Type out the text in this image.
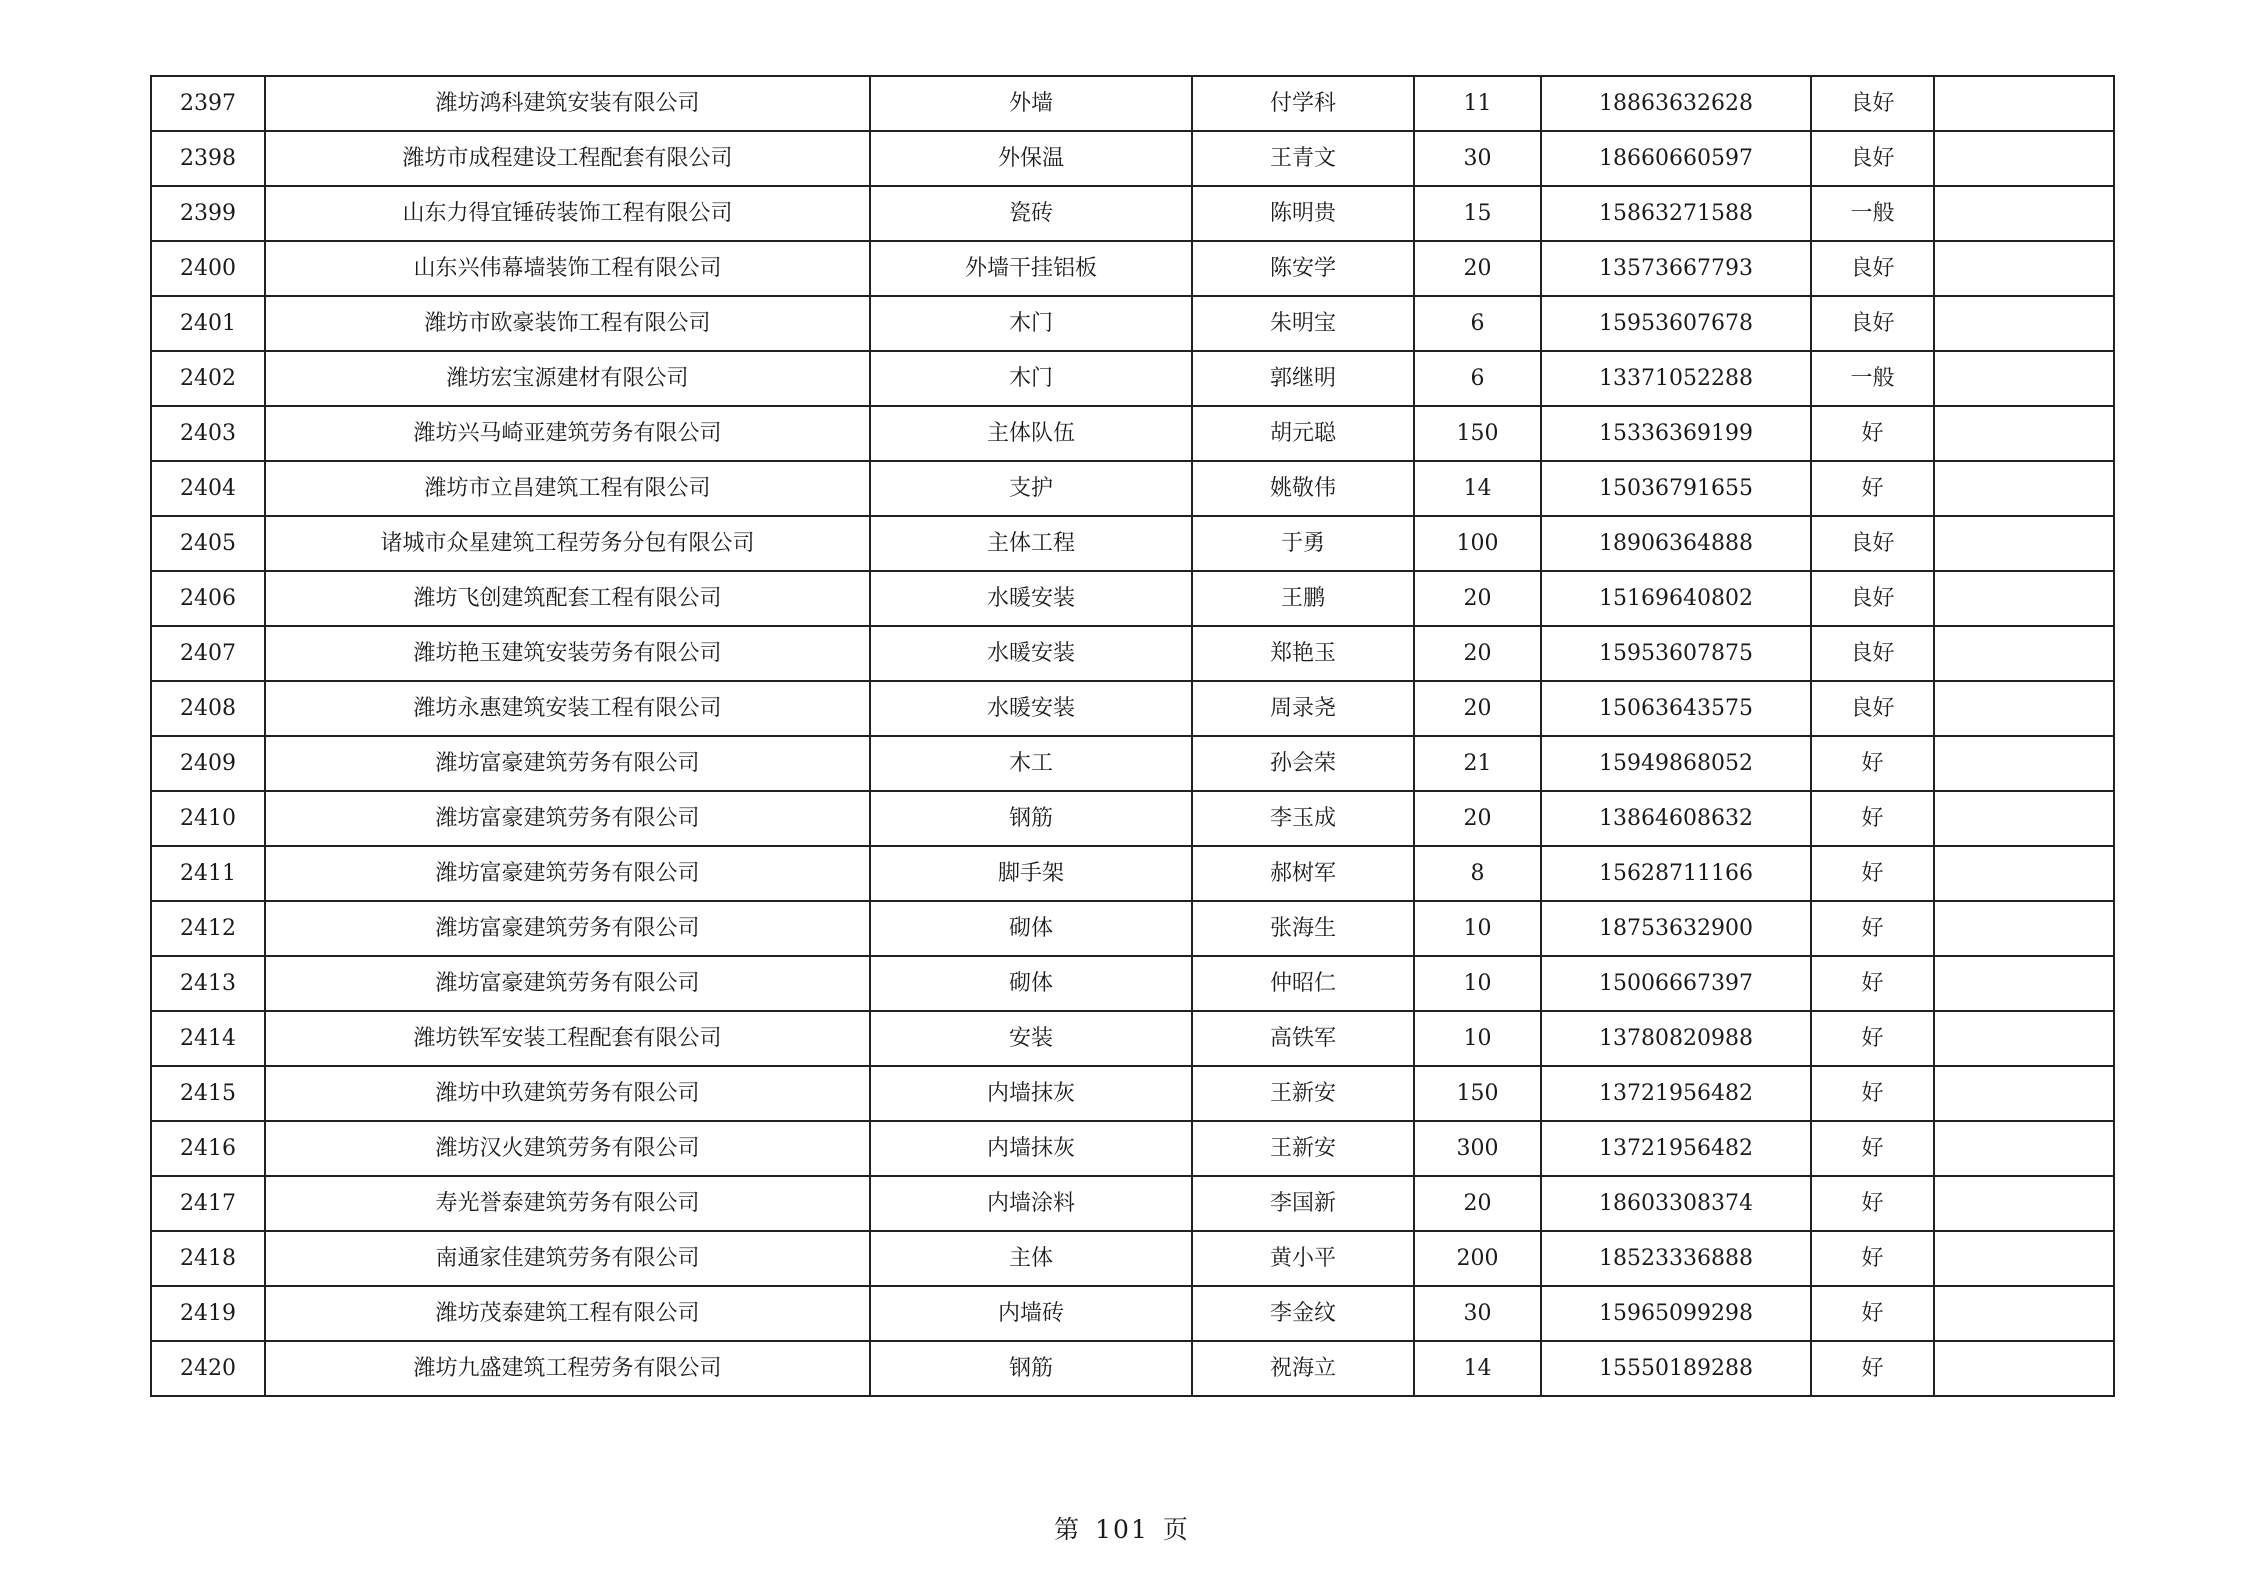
2397	潍坊鸿科建筑安装有限公司	外墙	付学科	11	18863632628	良好	
2398	潍坊市成程建设工程配套有限公司	外保温	王青文	30	18660660597	良好	
2399	山东力得宜锤砖装饰工程有限公司	瓷砖	陈明贵	15	15863271588	一般	
2400	山东兴伟幕墙装饰工程有限公司	外墙干挂铝板	陈安学	20	13573667793	良好	
2401	潍坊市欧豪装饰工程有限公司	木门	朱明宝	6	15953607678	良好	
2402	潍坊宏宝源建材有限公司	木门	郭继明	6	13371052288	一般	
2403	潍坊兴马崎亚建筑劳务有限公司	主体队伍	胡元聪	150	15336369199	好	
2404	潍坊市立昌建筑工程有限公司	支护	姚敬伟	14	15036791655	好	
2405	诸城市众星建筑工程劳务分包有限公司	主体工程	于勇	100	18906364888	良好	
2406	潍坊飞创建筑配套工程有限公司	水暖安装	王鹏	20	15169640802	良好	
2407	潍坊艳玉建筑安装劳务有限公司	水暖安装	郑艳玉	20	15953607875	良好	
2408	潍坊永惠建筑安装工程有限公司	水暖安装	周录尧	20	15063643575	良好	
2409	潍坊富豪建筑劳务有限公司	木工	孙会荣	21	15949868052	好	
2410	潍坊富豪建筑劳务有限公司	钢筋	李玉成	20	13864608632	好	
2411	潍坊富豪建筑劳务有限公司	脚手架	郝树军	8	15628711166	好	
2412	潍坊富豪建筑劳务有限公司	砌体	张海生	10	18753632900	好	
2413	潍坊富豪建筑劳务有限公司	砌体	仲昭仁	10	15006667397	好	
2414	潍坊铁军安装工程配套有限公司	安装	高铁军	10	13780820988	好	
2415	潍坊中玖建筑劳务有限公司	内墙抹灰	王新安	150	13721956482	好	
2416	潍坊汉火建筑劳务有限公司	内墙抹灰	王新安	300	13721956482	好	
2417	寿光誉泰建筑劳务有限公司	内墙涂料	李国新	20	18603308374	好	
2418	南通家佳建筑劳务有限公司	主体	黄小平	200	18523336888	好	
2419	潍坊茂泰建筑工程有限公司	内墙砖	李金纹	30	15965099298	好	
2420	潍坊九盛建筑工程劳务有限公司	钢筋	祝海立	14	15550189288	好	
第 101 页
